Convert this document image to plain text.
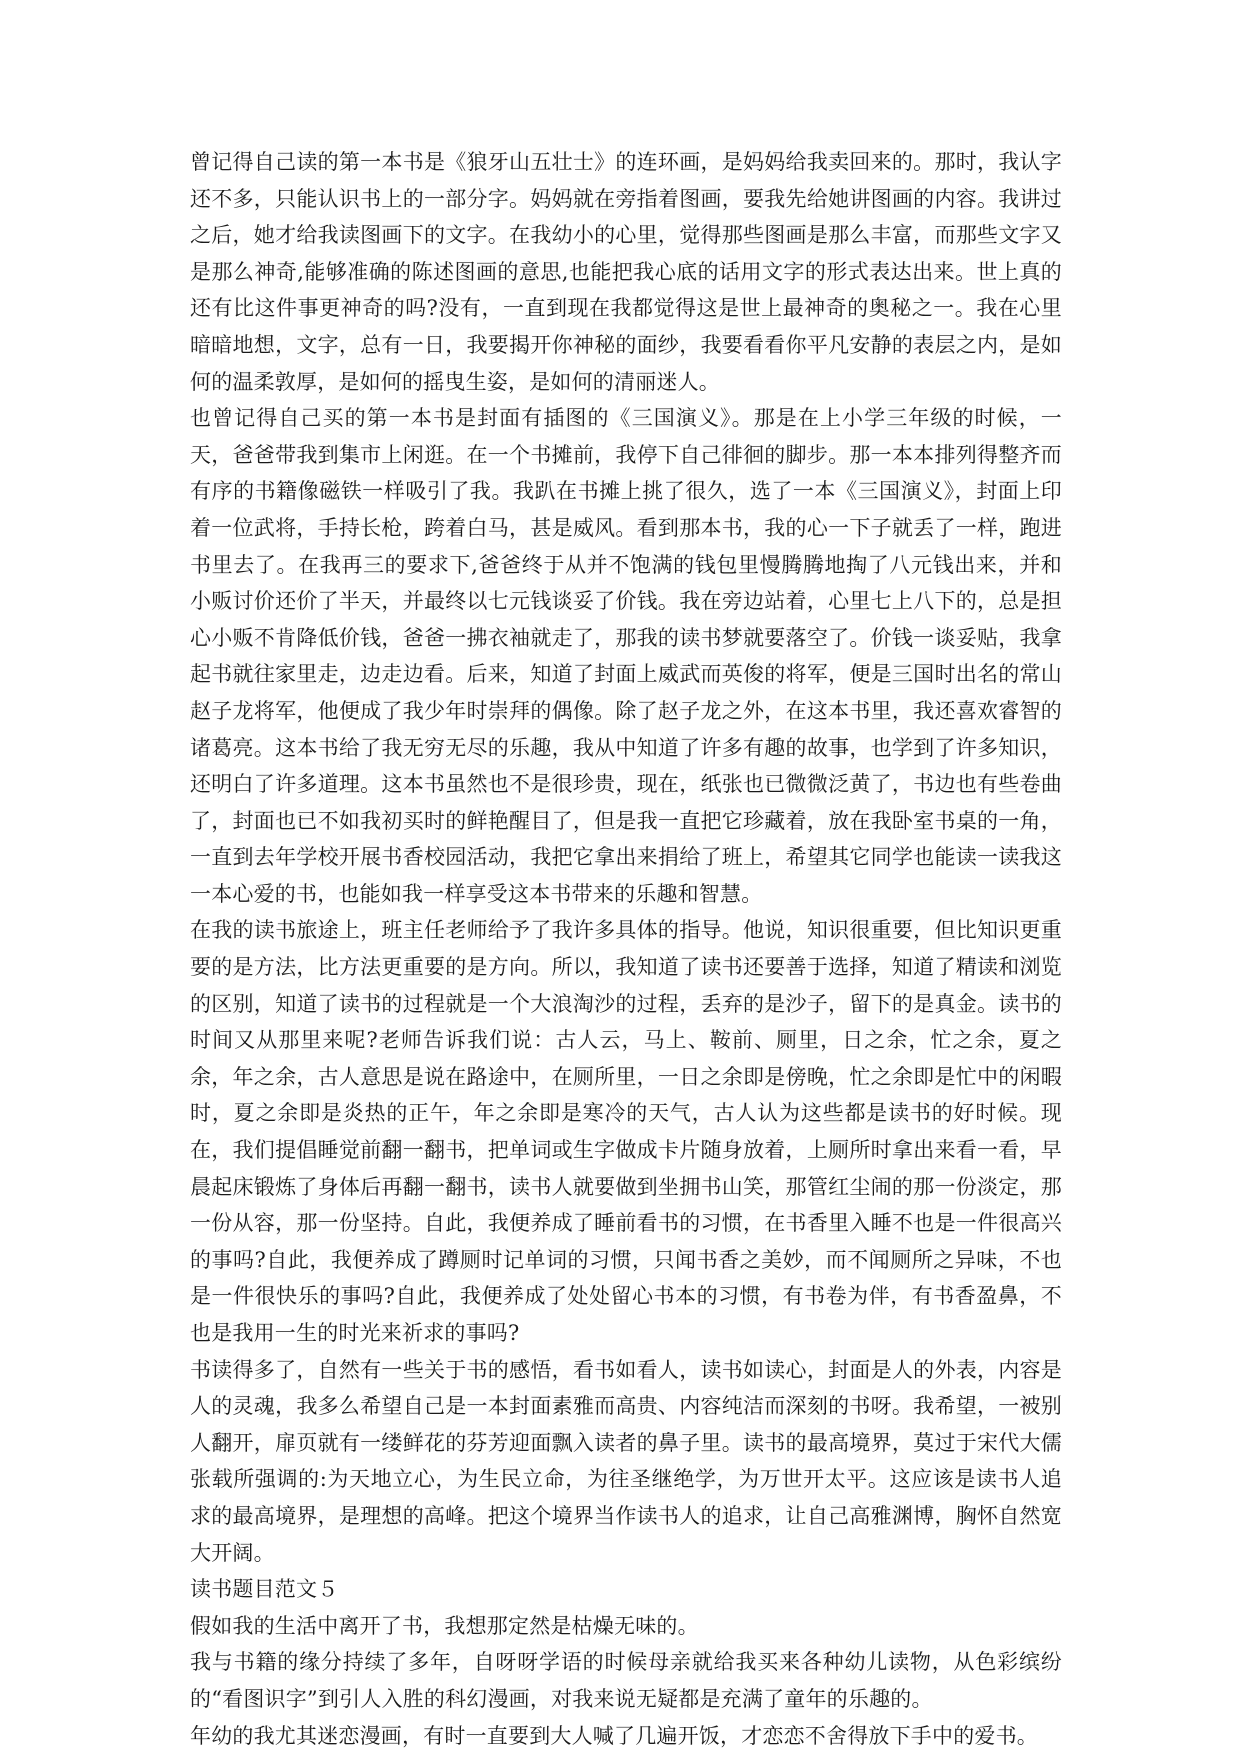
曾记得自己读的第一本书是《狼牙山五壮士》的连环画，是妈妈给我卖回来的。那时，我认字还不多，只能认识书上的一部分字。妈妈就在旁指着图画，要我先给她讲图画的内容。我讲过之后，她才给我读图画下的文字。在我幼小的心里，觉得那些图画是那么丰富，而那些文字又是那么神奇,能够准确的陈述图画的意思,也能把我心底的话用文字的形式表达出来。世上真的还有比这件事更神奇的吗?没有，一直到现在我都觉得这是世上最神奇的奥秘之一。我在心里暗暗地想，文字，总有一日，我要揭开你神秘的面纱，我要看看你平凡安静的表层之内，是如何的温柔敦厚，是如何的摇曳生姿，是如何的清丽迷人。

也曾记得自己买的第一本书是封面有插图的《三国演义》。那是在上小学三年级的时候，一天，爸爸带我到集市上闲逛。在一个书摊前，我停下自己徘徊的脚步。那一本本排列得整齐而有序的书籍像磁铁一样吸引了我。我趴在书摊上挑了很久，选了一本《三国演义》，封面上印着一位武将，手持长枪，跨着白马，甚是威风。看到那本书，我的心一下子就丢了一样，跑进书里去了。在我再三的要求下,爸爸终于从并不饱满的钱包里慢腾腾地掏了八元钱出来，并和小贩讨价还价了半天，并最终以七元钱谈妥了价钱。我在旁边站着，心里七上八下的，总是担心小贩不肯降低价钱，爸爸一拂衣袖就走了，那我的读书梦就要落空了。价钱一谈妥贴，我拿起书就往家里走，边走边看。后来，知道了封面上威武而英俊的将军，便是三国时出名的常山赵子龙将军，他便成了我少年时崇拜的偶像。除了赵子龙之外，在这本书里，我还喜欢睿智的诸葛亮。这本书给了我无穷无尽的乐趣，我从中知道了许多有趣的故事，也学到了许多知识，还明白了许多道理。这本书虽然也不是很珍贵，现在，纸张也已微微泛黄了，书边也有些卷曲了，封面也已不如我初买时的鲜艳醒目了，但是我一直把它珍藏着，放在我卧室书桌的一角，一直到去年学校开展书香校园活动，我把它拿出来捐给了班上，希望其它同学也能读一读我这一本心爱的书，也能如我一样享受这本书带来的乐趣和智慧。

在我的读书旅途上，班主任老师给予了我许多具体的指导。他说，知识很重要，但比知识更重要的是方法，比方法更重要的是方向。所以，我知道了读书还要善于选择，知道了精读和浏览的区别，知道了读书的过程就是一个大浪淘沙的过程，丢弃的是沙子，留下的是真金。读书的时间又从那里来呢?老师告诉我们说：古人云，马上、鞍前、厕里，日之余，忙之余，夏之余，年之余，古人意思是说在路途中，在厕所里，一日之余即是傍晚，忙之余即是忙中的闲暇时，夏之余即是炎热的正午，年之余即是寒冷的天气，古人认为这些都是读书的好时候。现在，我们提倡睡觉前翻一翻书，把单词或生字做成卡片随身放着，上厕所时拿出来看一看，早晨起床锻炼了身体后再翻一翻书，读书人就要做到坐拥书山笑，那管红尘闹的那一份淡定，那一份从容，那一份坚持。自此，我便养成了睡前看书的习惯，在书香里入睡不也是一件很高兴的事吗?自此，我便养成了蹲厕时记单词的习惯，只闻书香之美妙，而不闻厕所之异味，不也是一件很快乐的事吗?自此，我便养成了处处留心书本的习惯，有书卷为伴，有书香盈鼻，不也是我用一生的时光来祈求的事吗?

书读得多了，自然有一些关于书的感悟，看书如看人，读书如读心，封面是人的外表，内容是人的灵魂，我多么希望自己是一本封面素雅而高贵、内容纯洁而深刻的书呀。我希望，一被别人翻开，扉页就有一缕鲜花的芬芳迎面飘入读者的鼻子里。读书的最高境界，莫过于宋代大儒张载所强调的:为天地立心，为生民立命，为往圣继绝学，为万世开太平。这应该是读书人追求的最高境界，是理想的高峰。把这个境界当作读书人的追求，让自己高雅渊博，胸怀自然宽大开阔。

读书题目范文５

假如我的生活中离开了书，我想那定然是枯燥无味的。

我与书籍的缘分持续了多年，自呀呀学语的时候母亲就给我买来各种幼儿读物，从色彩缤纷的“看图识字”到引人入胜的科幻漫画，对我来说无疑都是充满了童年的乐趣的。

年幼的我尤其迷恋漫画，有时一直要到大人喊了几遍开饭，才恋恋不舍得放下手中的爱书。
